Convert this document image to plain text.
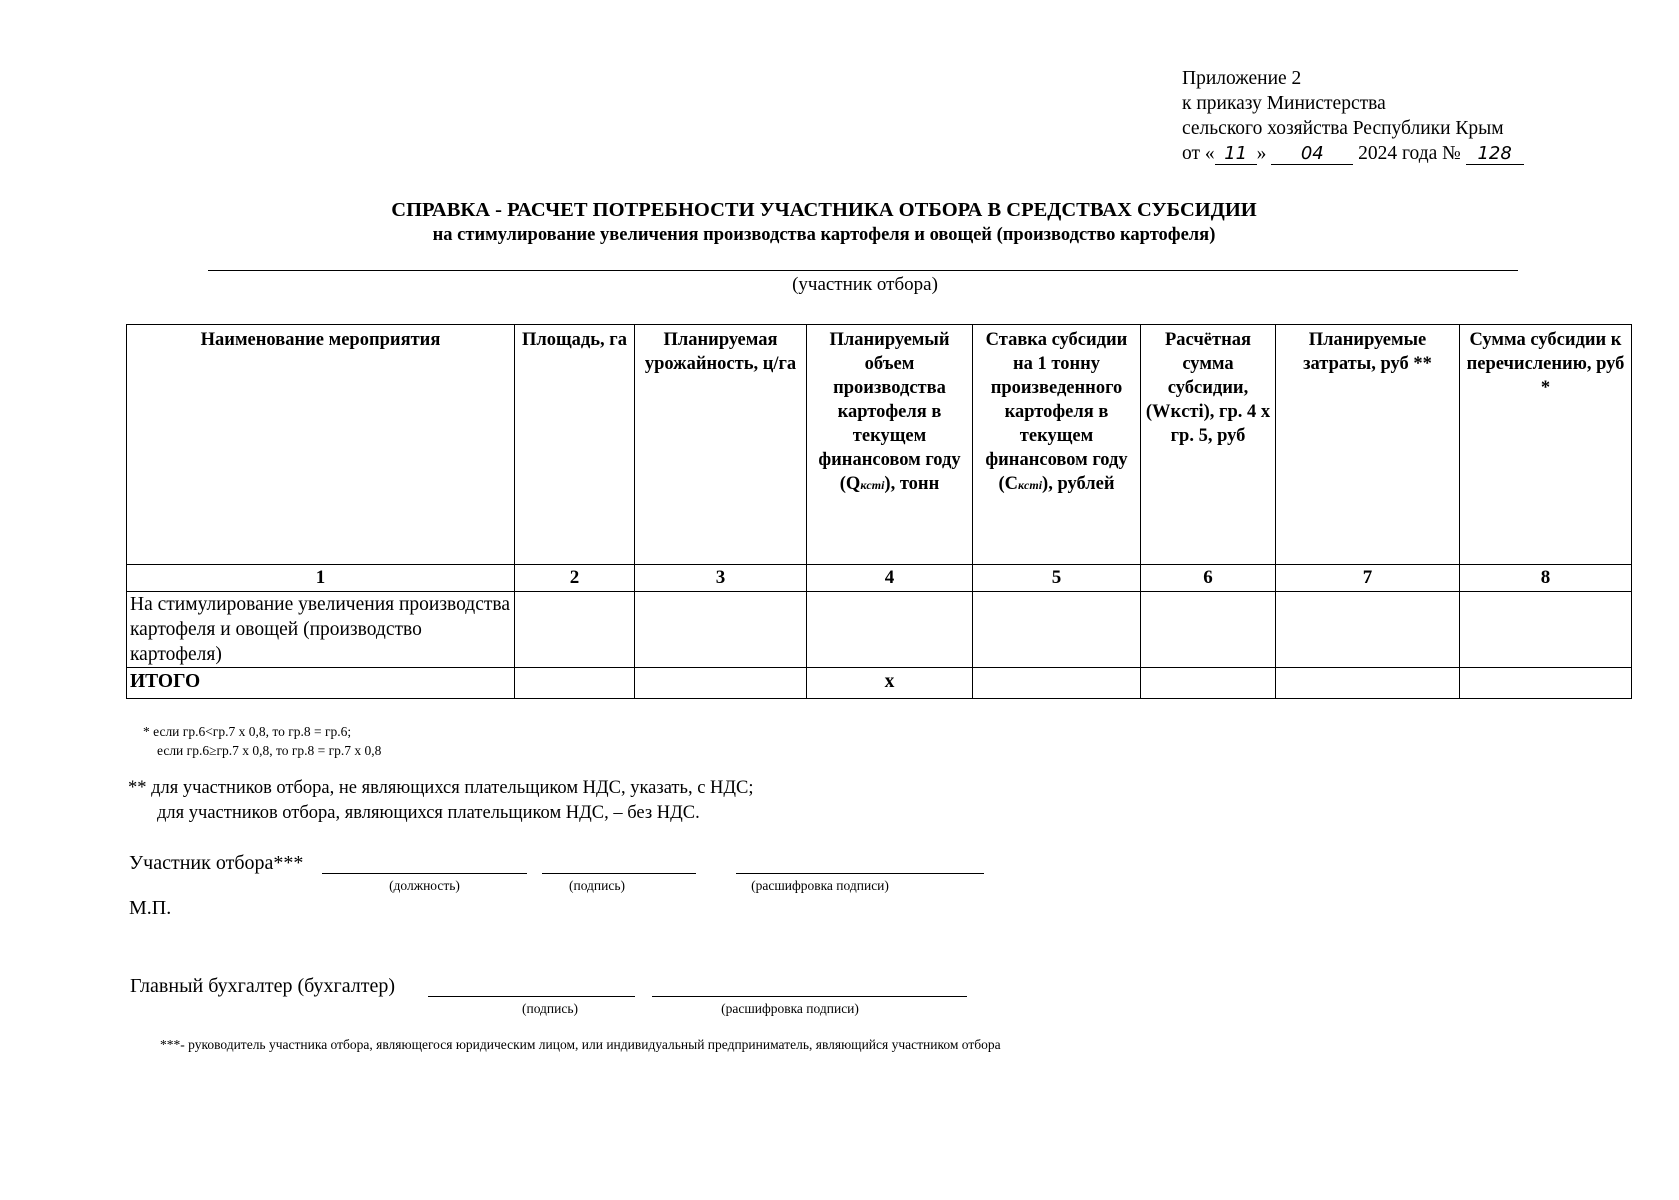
Приложение 2
к приказу Министерства
сельского хозяйства Республики Крым
от « 11 » 04 2024 года № 128
СПРАВКА - РАСЧЕТ ПОТРЕБНОСТИ УЧАСТНИКА ОТБОРА В СРЕДСТВАХ СУБСИДИИ
на стимулирование увеличения производства картофеля и овощей (производство картофеля)
(участник отбора)
Наименование мероприятия	Площадь, га	Планируемая урожайность, ц/га	Планируемый объем производства картофеля в текущем финансовом году (Qкcтi), тонн	Ставка субсидии на 1 тонну произведенного картофеля в текущем финансовом году (Cкcтi), рублей	Расчётная сумма субсидии, (Wкcтi), гр. 4 х гр. 5, руб	Планируемые затраты, руб **	Сумма субсидии к перечислению, руб *
1	2	3	4	5	6	7	8
На стимулирование увеличения производства картофеля и овощей (производство картофеля)							
ИТОГО			х				
* если гр.6<гр.7 х 0,8, то гр.8 = гр.6;
если гр.6≥гр.7 х 0,8, то гр.8 = гр.7 х 0,8
** для участников отбора, не являющихся плательщиком НДС, указать, с НДС;
для участников отбора, являющихся плательщиком НДС, – без НДС.
Участник отбора***
(должность)	(подпись)	(расшифровка подписи)
М.П.
Главный бухгалтер (бухгалтер)
(подпись)	(расшифровка подписи)
***- руководитель участника отбора, являющегося юридическим лицом, или индивидуальный предприниматель, являющийся участником отбора
